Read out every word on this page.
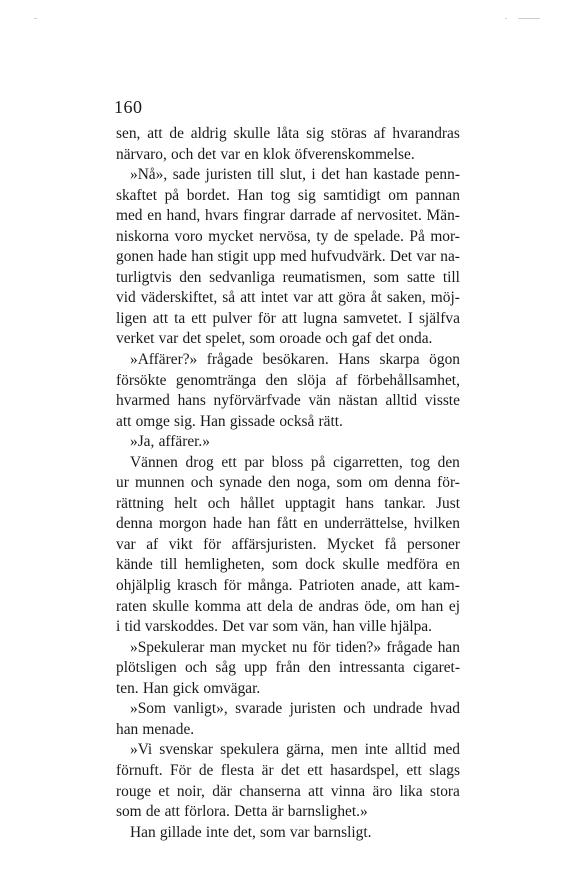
160
sen, att de aldrig skulle låta sig störas af hvarandras
närvaro, och det var en klok öfverenskommelse.
»Nå», sade juristen till slut, i det han kastade penn-
skaftet på bordet. Han tog sig samtidigt om pannan
med en hand, hvars fingrar darrade af nervositet. Män-
niskorna voro mycket nervösa, ty de spelade. På mor-
gonen hade han stigit upp med hufvudvärk. Det var na-
turligtvis den sedvanliga reumatismen, som satte till
vid väderskiftet, så att intet var att göra åt saken, möj-
ligen att ta ett pulver för att lugna samvetet. I själfva
verket var det spelet, som oroade och gaf det onda.
»Affärer?» frågade besökaren. Hans skarpa ögon
försökte genomtränga den slöja af förbehållsamhet,
hvarmed hans nyförvärfvade vän nästan alltid visste
att omge sig. Han gissade också rätt.
»Ja, affärer.»
Vännen drog ett par bloss på cigarretten, tog den
ur munnen och synade den noga, som om denna för-
rättning helt och hållet upptagit hans tankar. Just
denna morgon hade han fått en underrättelse, hvilken
var af vikt för affärsjuristen. Mycket få personer
kände till hemligheten, som dock skulle medföra en
ohjälplig krasch för många. Patrioten anade, att kam-
raten skulle komma att dela de andras öde, om han ej
i tid varskoddes. Det var som vän, han ville hjälpa.
»Spekulerar man mycket nu för tiden?» frågade han
plötsligen och såg upp från den intressanta cigaret-
ten. Han gick omvägar.
»Som vanligt», svarade juristen och undrade hvad
han menade.
»Vi svenskar spekulera gärna, men inte alltid med
förnuft. För de flesta är det ett hasardspel, ett slags
rouge et noir, där chanserna att vinna äro lika stora
som de att förlora. Detta är barnslighet.»
Han gillade inte det, som var barnsligt.
